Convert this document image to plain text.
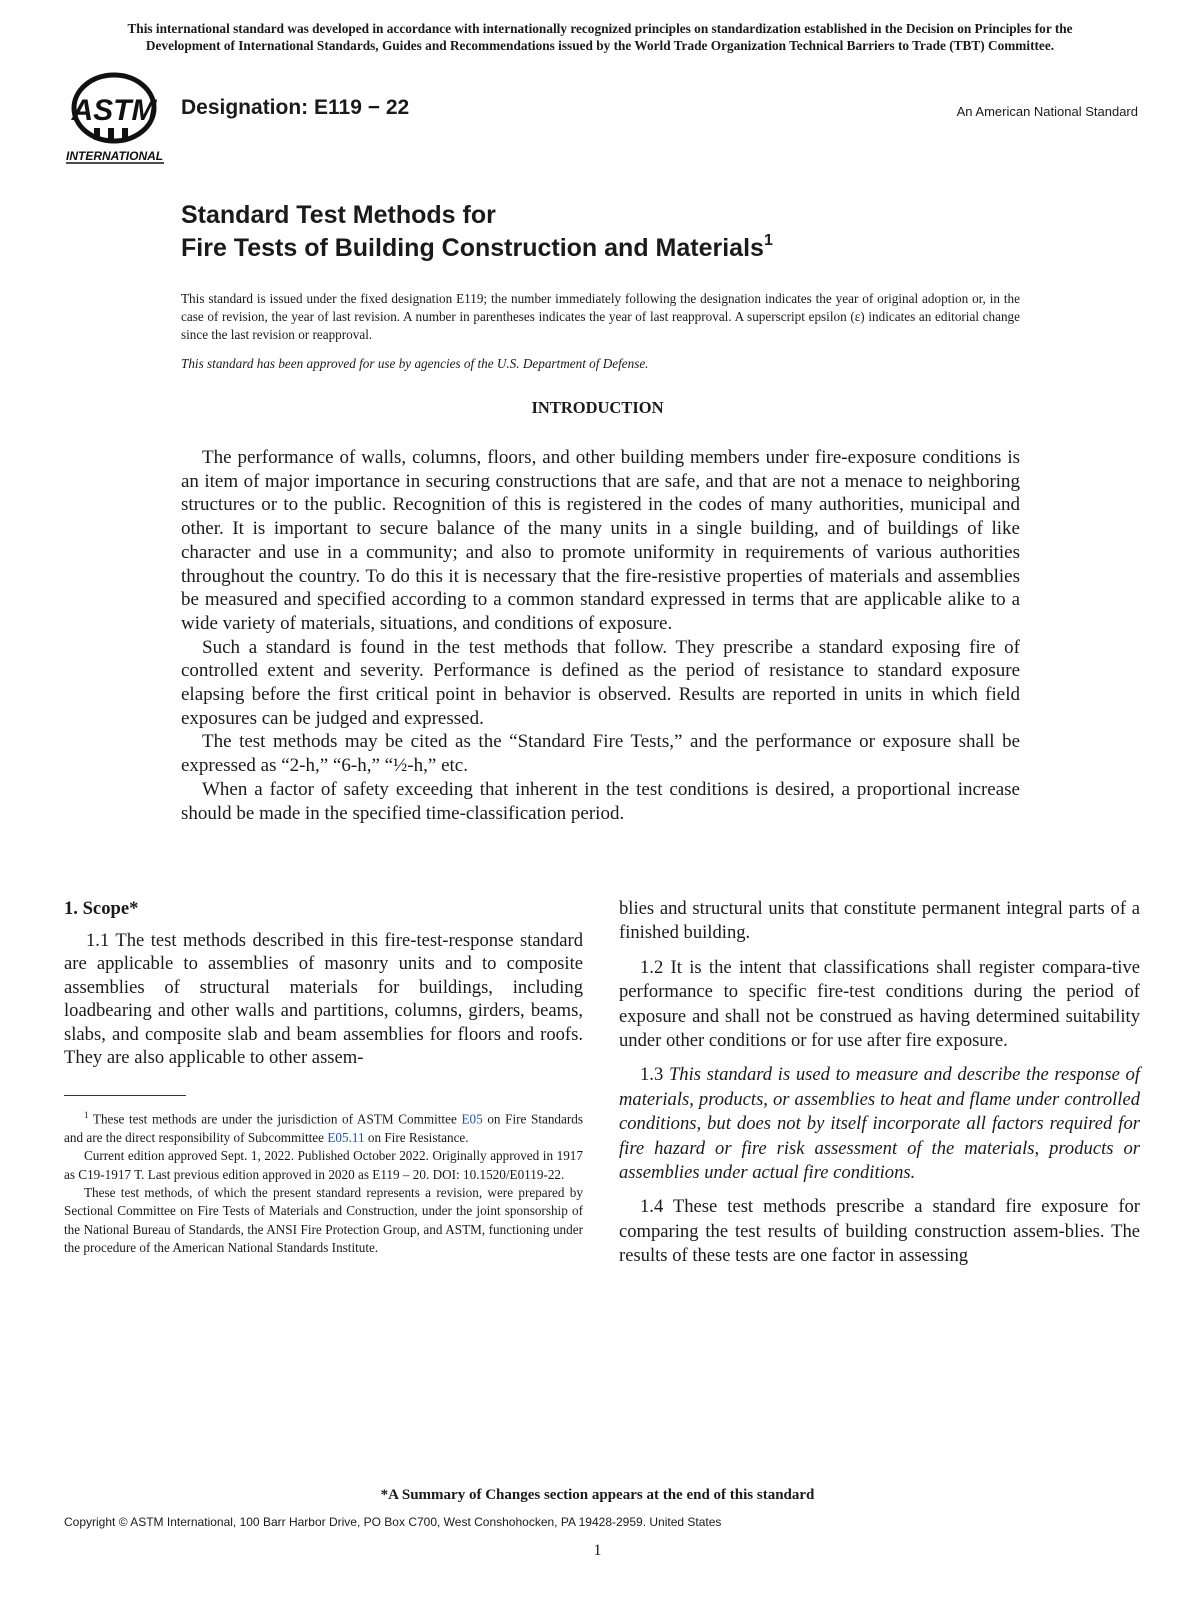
This international standard was developed in accordance with internationally recognized principles on standardization established in the Decision on Principles for the
Development of International Standards, Guides and Recommendations issued by the World Trade Organization Technical Barriers to Trade (TBT) Committee.
ASTM
INTERNATIONAL
Designation: E119 − 22	An American National Standard
Standard Test Methods for
Fire Tests of Building Construction and Materials$^1$
This standard is issued under the fixed designation E119; the number immediately following the designation indicates the year of original adoption or, in the case of revision, the year of last revision. A number in parentheses indicates the year of last reapproval. A superscript epsilon (ε) indicates an editorial change since the last revision or reapproval.
This standard has been approved for use by agencies of the U.S. Department of Defense.
INTRODUCTION

The performance of walls, columns, floors, and other building members under fire-exposure conditions is an item of major importance in securing constructions that are safe, and that are not a menace to neighboring structures or to the public. Recognition of this is registered in the codes of many authorities, municipal and other. It is important to secure balance of the many units in a single building, and of buildings of like character and use in a community; and also to promote uniformity in requirements of various authorities throughout the country. To do this it is necessary that the fire-resistive properties of materials and assemblies be measured and specified according to a common standard expressed in terms that are applicable alike to a wide variety of materials, situations, and conditions of exposure.

Such a standard is found in the test methods that follow. They prescribe a standard exposing fire of controlled extent and severity. Performance is defined as the period of resistance to standard exposure elapsing before the first critical point in behavior is observed. Results are reported in units in which field exposures can be judged and expressed.

The test methods may be cited as the “Standard Fire Tests,” and the performance or exposure shall be expressed as “2-h,” “6-h,” “½-h,” etc.

When a factor of safety exceeding that inherent in the test conditions is desired, a proportional increase should be made in the specified time-classification period.

1. Scope*

1.1 The test methods described in this fire-test-response standard are applicable to assemblies of masonry units and to composite assemblies of structural materials for buildings, including loadbearing and other walls and partitions, columns, girders, beams, slabs, and composite slab and beam assemblies for floors and roofs. They are also applicable to other assem-

$^1$ These test methods are under the jurisdiction of ASTM Committee E05 on Fire Standards and are the direct responsibility of Subcommittee E05.11 on Fire Resistance.

Current edition approved Sept. 1, 2022. Published October 2022. Originally approved in 1917 as C19-1917 T. Last previous edition approved in 2020 as E119 – 20. DOI: 10.1520/E0119-22.

These test methods, of which the present standard represents a revision, were prepared by Sectional Committee on Fire Tests of Materials and Construction, under the joint sponsorship of the National Bureau of Standards, the ANSI Fire Protection Group, and ASTM, functioning under the procedure of the American National Standards Institute.

blies and structural units that constitute permanent integral parts of a finished building.

1.2 It is the intent that classifications shall register compara-tive performance to specific fire-test conditions during the period of exposure and shall not be construed as having determined suitability under other conditions or for use after fire exposure.

1.3 This standard is used to measure and describe the response of materials, products, or assemblies to heat and flame under controlled conditions, but does not by itself incorporate all factors required for fire hazard or fire risk assessment of the materials, products or assemblies under actual fire conditions.

1.4 These test methods prescribe a standard fire exposure for comparing the test results of building construction assem-blies. The results of these tests are one factor in assessing

*A Summary of Changes section appears at the end of this standard
Copyright © ASTM International, 100 Barr Harbor Drive, PO Box C700, West Conshohocken, PA 19428-2959. United States
1
